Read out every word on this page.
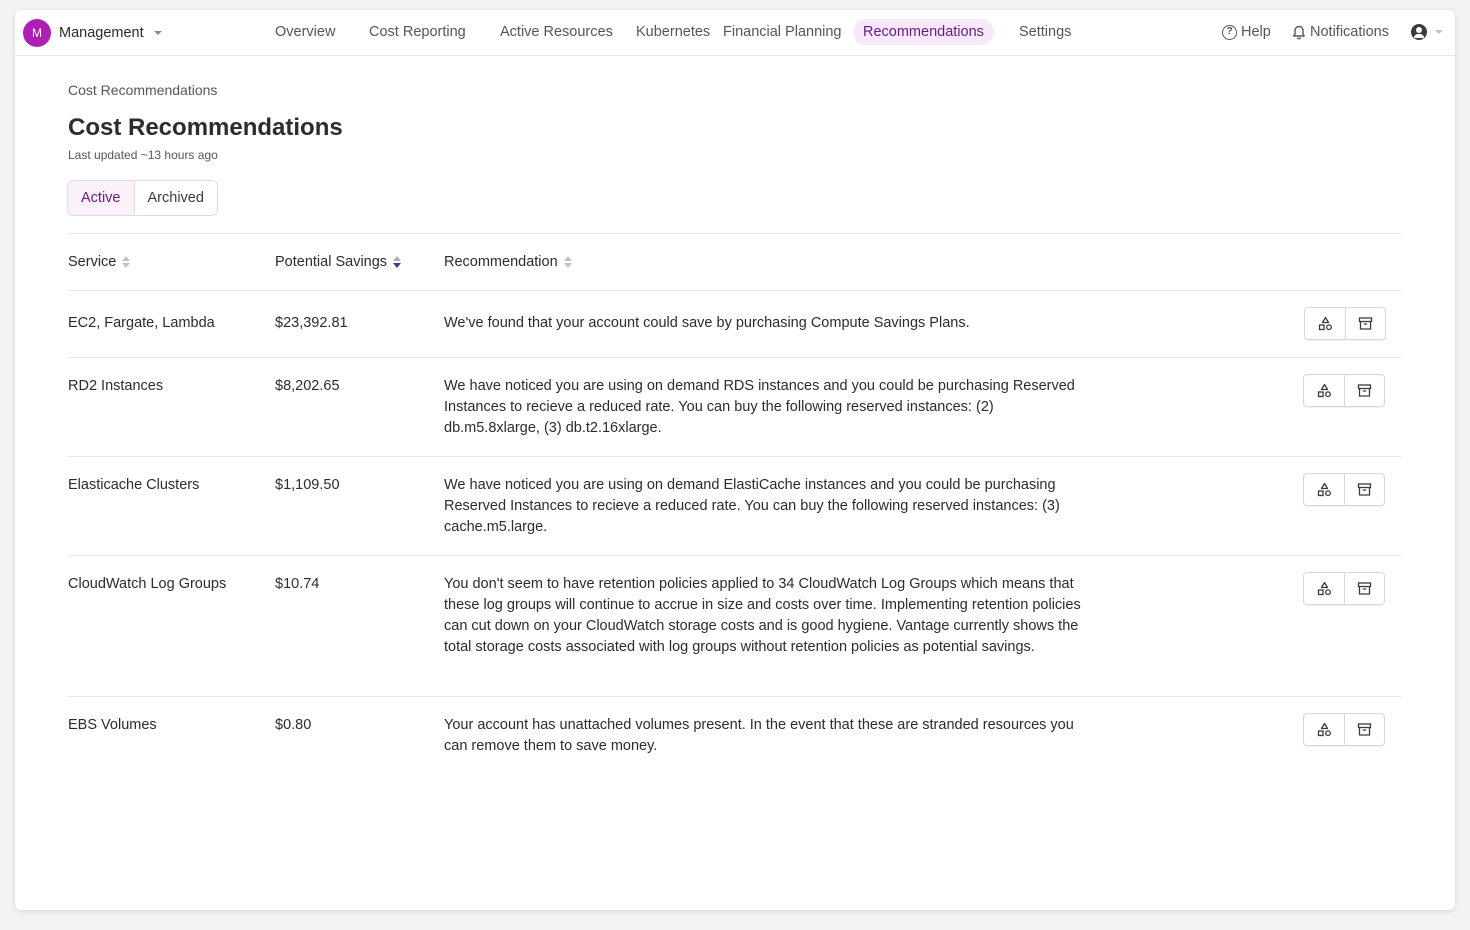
M	Management	Overview Cost Reporting Active Resources Kubernetes Financial Planning	Recommendations	Settings	? Help	Notifications
Cost Recommendations
Cost Recommendations
Last updated ~13 hours ago
Active	Archived
Service	Potential Savings	Recommendation
EC2, Fargate, Lambda	$23,392.81	We've found that your account could save by purchasing Compute Savings Plans.
RD2 Instances	$8,202.65	We have noticed you are using on demand RDS instances and you could be purchasing Reserved Instances to recieve a reduced rate. You can buy the following reserved instances: (2) db.m5.8xlarge, (3) db.t2.16xlarge.
Elasticache Clusters	$1,109.50	We have noticed you are using on demand ElastiCache instances and you could be purchasing Reserved Instances to recieve a reduced rate. You can buy the following reserved instances: (3) cache.m5.large.
CloudWatch Log Groups	$10.74	You don't seem to have retention policies applied to 34 CloudWatch Log Groups which means that these log groups will continue to accrue in size and costs over time. Implementing retention policies can cut down on your CloudWatch storage costs and is good hygiene. Vantage currently shows the total storage costs associated with log groups without retention policies as potential savings.
EBS Volumes	$0.80	Your account has unattached volumes present. In the event that these are stranded resources you can remove them to save money.
